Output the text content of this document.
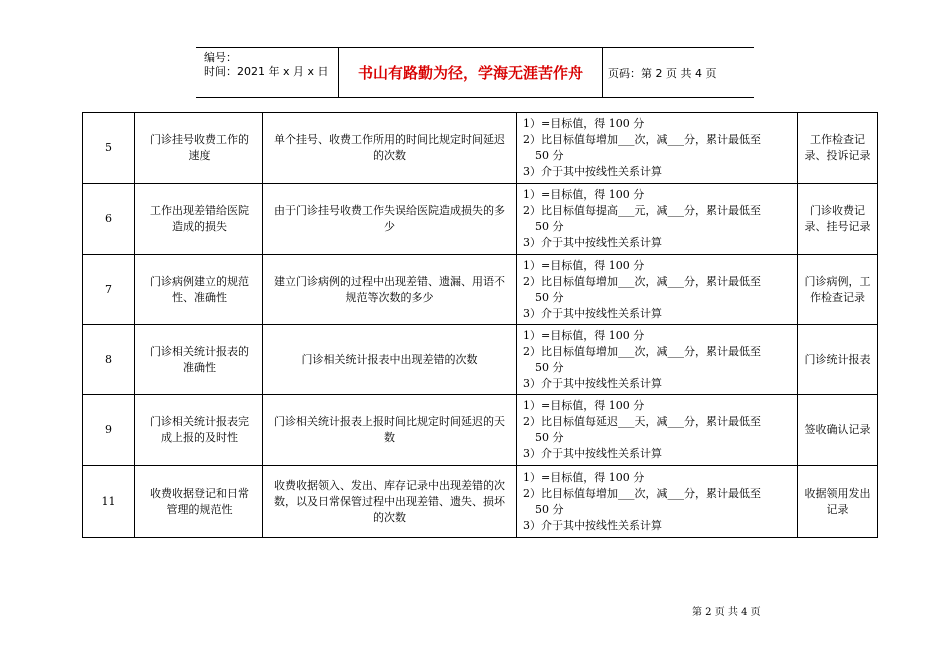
编号：
时间：2021 年 x 月 x 日	书山有路勤为径，学海无涯苦作舟	页码：第 2 页 共 4 页
5	门诊挂号收费工作的速度	单个挂号、收费工作所用的时间比规定时间延迟的次数	1）=目标值，得 100 分
2）比目标值每增加___次，减___分，累计最低至
50 分
3）介于其中按线性关系计算	工作检查记录、投诉记录
6	工作出现差错给医院造成的损失	由于门诊挂号收费工作失误给医院造成损失的多少	1）=目标值，得 100 分
2）比目标值每提高___元，减___分，累计最低至
50 分
3）介于其中按线性关系计算	门诊收费记录、挂号记录
7	门诊病例建立的规范性、准确性	建立门诊病例的过程中出现差错、遗漏、用语不规范等次数的多少	1）=目标值，得 100 分
2）比目标值每增加___次，减___分，累计最低至
50 分
3）介于其中按线性关系计算	门诊病例，工作检查记录
8	门诊相关统计报表的准确性	门诊相关统计报表中出现差错的次数	1）=目标值，得 100 分
2）比目标值每增加___次，减___分，累计最低至
50 分
3）介于其中按线性关系计算	门诊统计报表
9	门诊相关统计报表完成上报的及时性	门诊相关统计报表上报时间比规定时间延迟的天数	1）=目标值，得 100 分
2）比目标值每延迟___天，减___分，累计最低至
50 分
3）介于其中按线性关系计算	签收确认记录
11	收费收据登记和日常管理的规范性	收费收据领入、发出、库存记录中出现差错的次数，以及日常保管过程中出现差错、遗失、损坏的次数	1）=目标值，得 100 分
2）比目标值每增加___次，减___分，累计最低至
50 分
3）介于其中按线性关系计算	收据领用发出记录
第 2 页 共 4 页
